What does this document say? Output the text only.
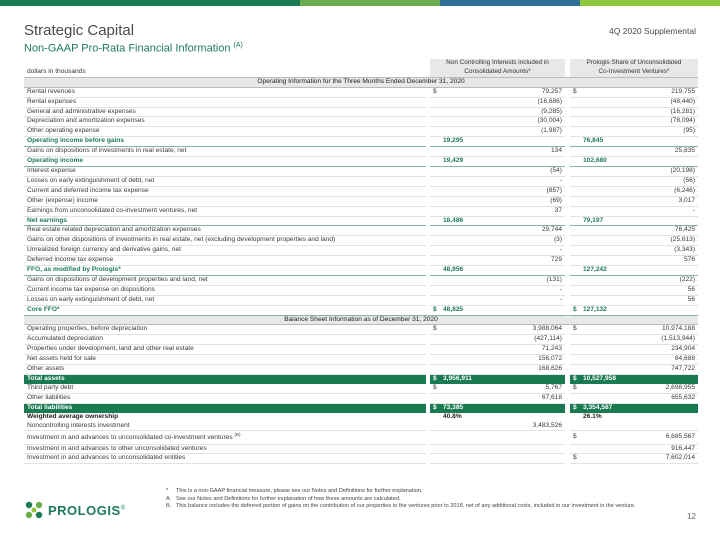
Strategic Capital
Non-GAAP Pro-Rata Financial Information $^{(A)}$
4Q 2020 Supplemental
		Non Controlling Interests included in			Prologis Share of Unconsolidated	
dollars in thousands		Consolidated Amounts*			Co-Investment Ventures*	
Operating Information for the Three Months Ended December 31, 2020						
Rental revenues		$	79,257		$	219,755
Rental expenses			(18,686)			(48,440)
General and administrative expenses			(9,285)			(16,281)
Depreciation and amortization expenses			(30,004)			(78,094)
Other operating expense			(1,987)			(95)
Operating income before gains			19,295			76,845
Gains on dispositions of investments in real estate, net			134			25,835
Operating income			19,429			102,680
Interest expense			(54)			(20,198)
Losses on early extinguishment of debt, net			-			(56)
Current and deferred income tax expense			(857)			(6,246)
Other (expense) income			(69)			3,017
Earnings from unconsolidated co-investment ventures, net			37			-
Net earnings			18,486			79,197
Real estate related depreciation and amortization expenses			29,744			76,425
Gains on other dispositions of investments in real estate, net (excluding development properties and land)			(3)			(25,613)
Unrealized foreign currency and derivative gains, net			-			(3,343)
Deferred income tax expense			729			576
FFO, as modified by Prologis*			48,956			127,242
Gains on dispositions of development properties and land, net			(131)			(222)
Current income tax expense on dispositions			-			56
Losses on early extinguishment of debt, net			-			56
Core FFO*		$	48,825		$	127,132
Balance Sheet Information as of December 31, 2020						
Operating properties, before depreciation		$	3,988,064		$	10,974,188
Accumulated depreciation			(427,114)			(1,513,944)
Properties under development, land and other real estate			71,243			234,904
Net assets held for sale			156,072			84,688
Other assets			168,626			747,722
Total assets		$	3,956,911		$	10,527,958
Third party debt		$	5,767		$	2,698,955
Other liabilities			67,618			655,632
Total liabilities		$	73,385		$	3,354,587
Weighted average ownership			40.8%			26.1%
Noncontrolling interests investment			3,483,526			
Investment in and advances to unconsolidated co-investment ventures $^{(B)}$					$	6,685,567
Investment in and advances to other unconsolidated ventures						916,447
Investment in and advances to unconsolidated entities					$	7,602,014
*	This is a non-GAAP financial measure, please see our Notes and Definitions for further explanation.
A. See our Notes and Definitions for further explanation of how these amounts are calculated.
B. This balance includes the deferred portion of gains on the contribution of our properties to the ventures prior to 2018, net of any additional costs, included in our investment in the venture.
PROLOGIS®
12
